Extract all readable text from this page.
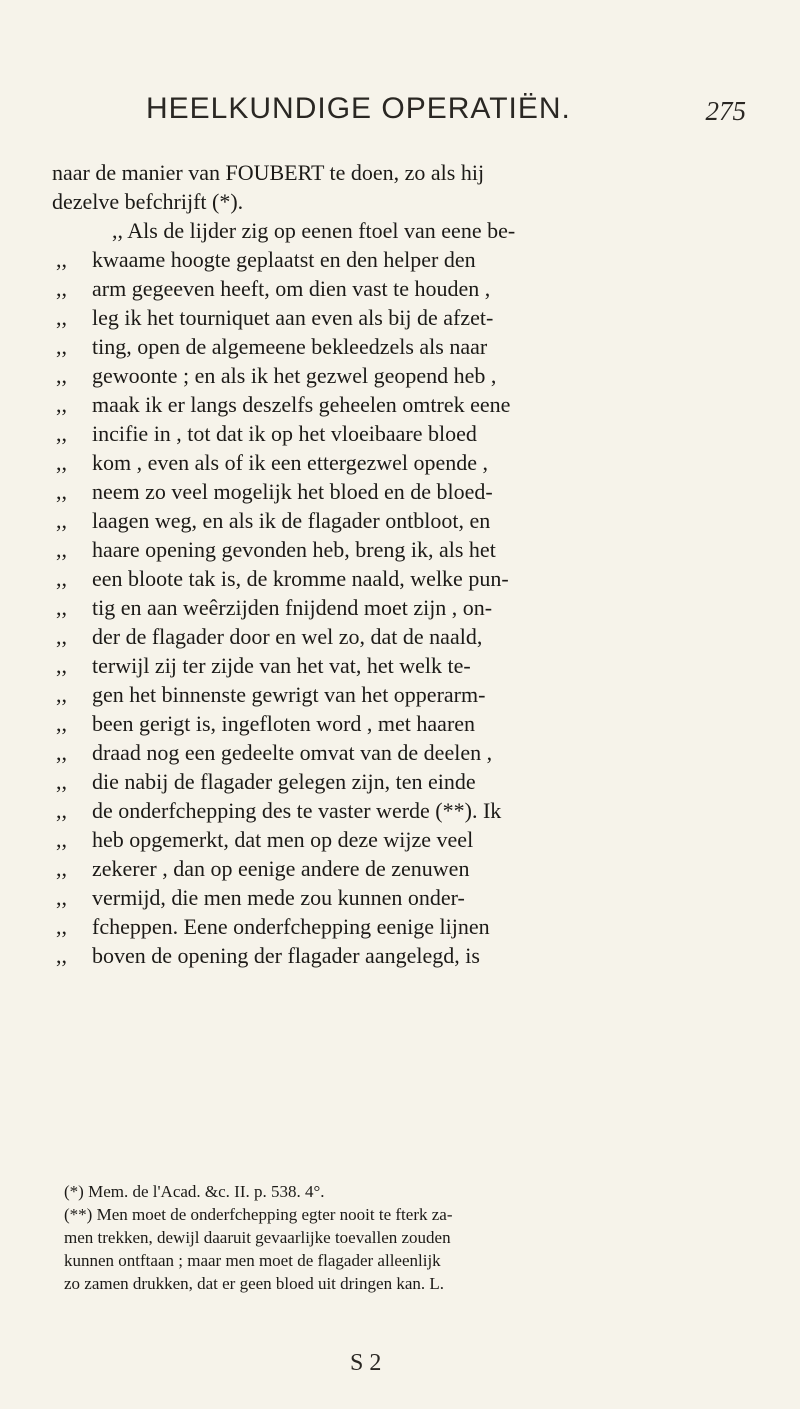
HEELKUNDIGE OPERATIËN.	275
naar de manier van FOUBERT te doen, zo als hij
dezelve befchrijft (*).
,, Als de lijder zig op eenen ftoel van eene be-
,,	kwaame hoogte geplaatst en den helper den
,,	arm gegeeven heeft, om dien vast te houden ,
,,	leg ik het tourniquet aan even als bij de afzet-
,,	ting, open de algemeene bekleedzels als naar
,,	gewoonte ; en als ik het gezwel geopend heb ,
,,	maak ik er langs deszelfs geheelen omtrek eene
,,	incifie in , tot dat ik op het vloeibaare bloed
,,	kom , even als of ik een ettergezwel opende ,
,,	neem zo veel mogelijk het bloed en de bloed-
,,	laagen weg, en als ik de flagader ontbloot, en
,,	haare opening gevonden heb, breng ik, als het
,,	een bloote tak is, de kromme naald, welke pun-
,,	tig en aan weêrzijden fnijdend moet zijn , on-
,,	der de flagader door en wel zo, dat de naald,
,,	terwijl zij ter zijde van het vat, het welk te-
,,	gen het binnenste gewrigt van het opperarm-
,,	been gerigt is, ingefloten word , met haaren
,,	draad nog een gedeelte omvat van de deelen ,
,,	die nabij de flagader gelegen zijn, ten einde
,,	de onderfchepping des te vaster werde (**). Ik
,,	heb opgemerkt, dat men op deze wijze veel
,,	zekerer , dan op eenige andere de zenuwen
,,	vermijd, die men mede zou kunnen onder-
,,	fcheppen. Eene onderfchepping eenige lijnen
,,	boven de opening der flagader aangelegd, is
(*) Mem. de l'Acad. &c. II. p. 538. 4°.
(**) Men moet de onderfchepping egter nooit te fterk za-
men trekken, dewijl daaruit gevaarlijke toevallen zouden
kunnen ontftaan ; maar men moet de flagader alleenlijk
zo zamen drukken, dat er geen bloed uit dringen kan. L.
S 2
